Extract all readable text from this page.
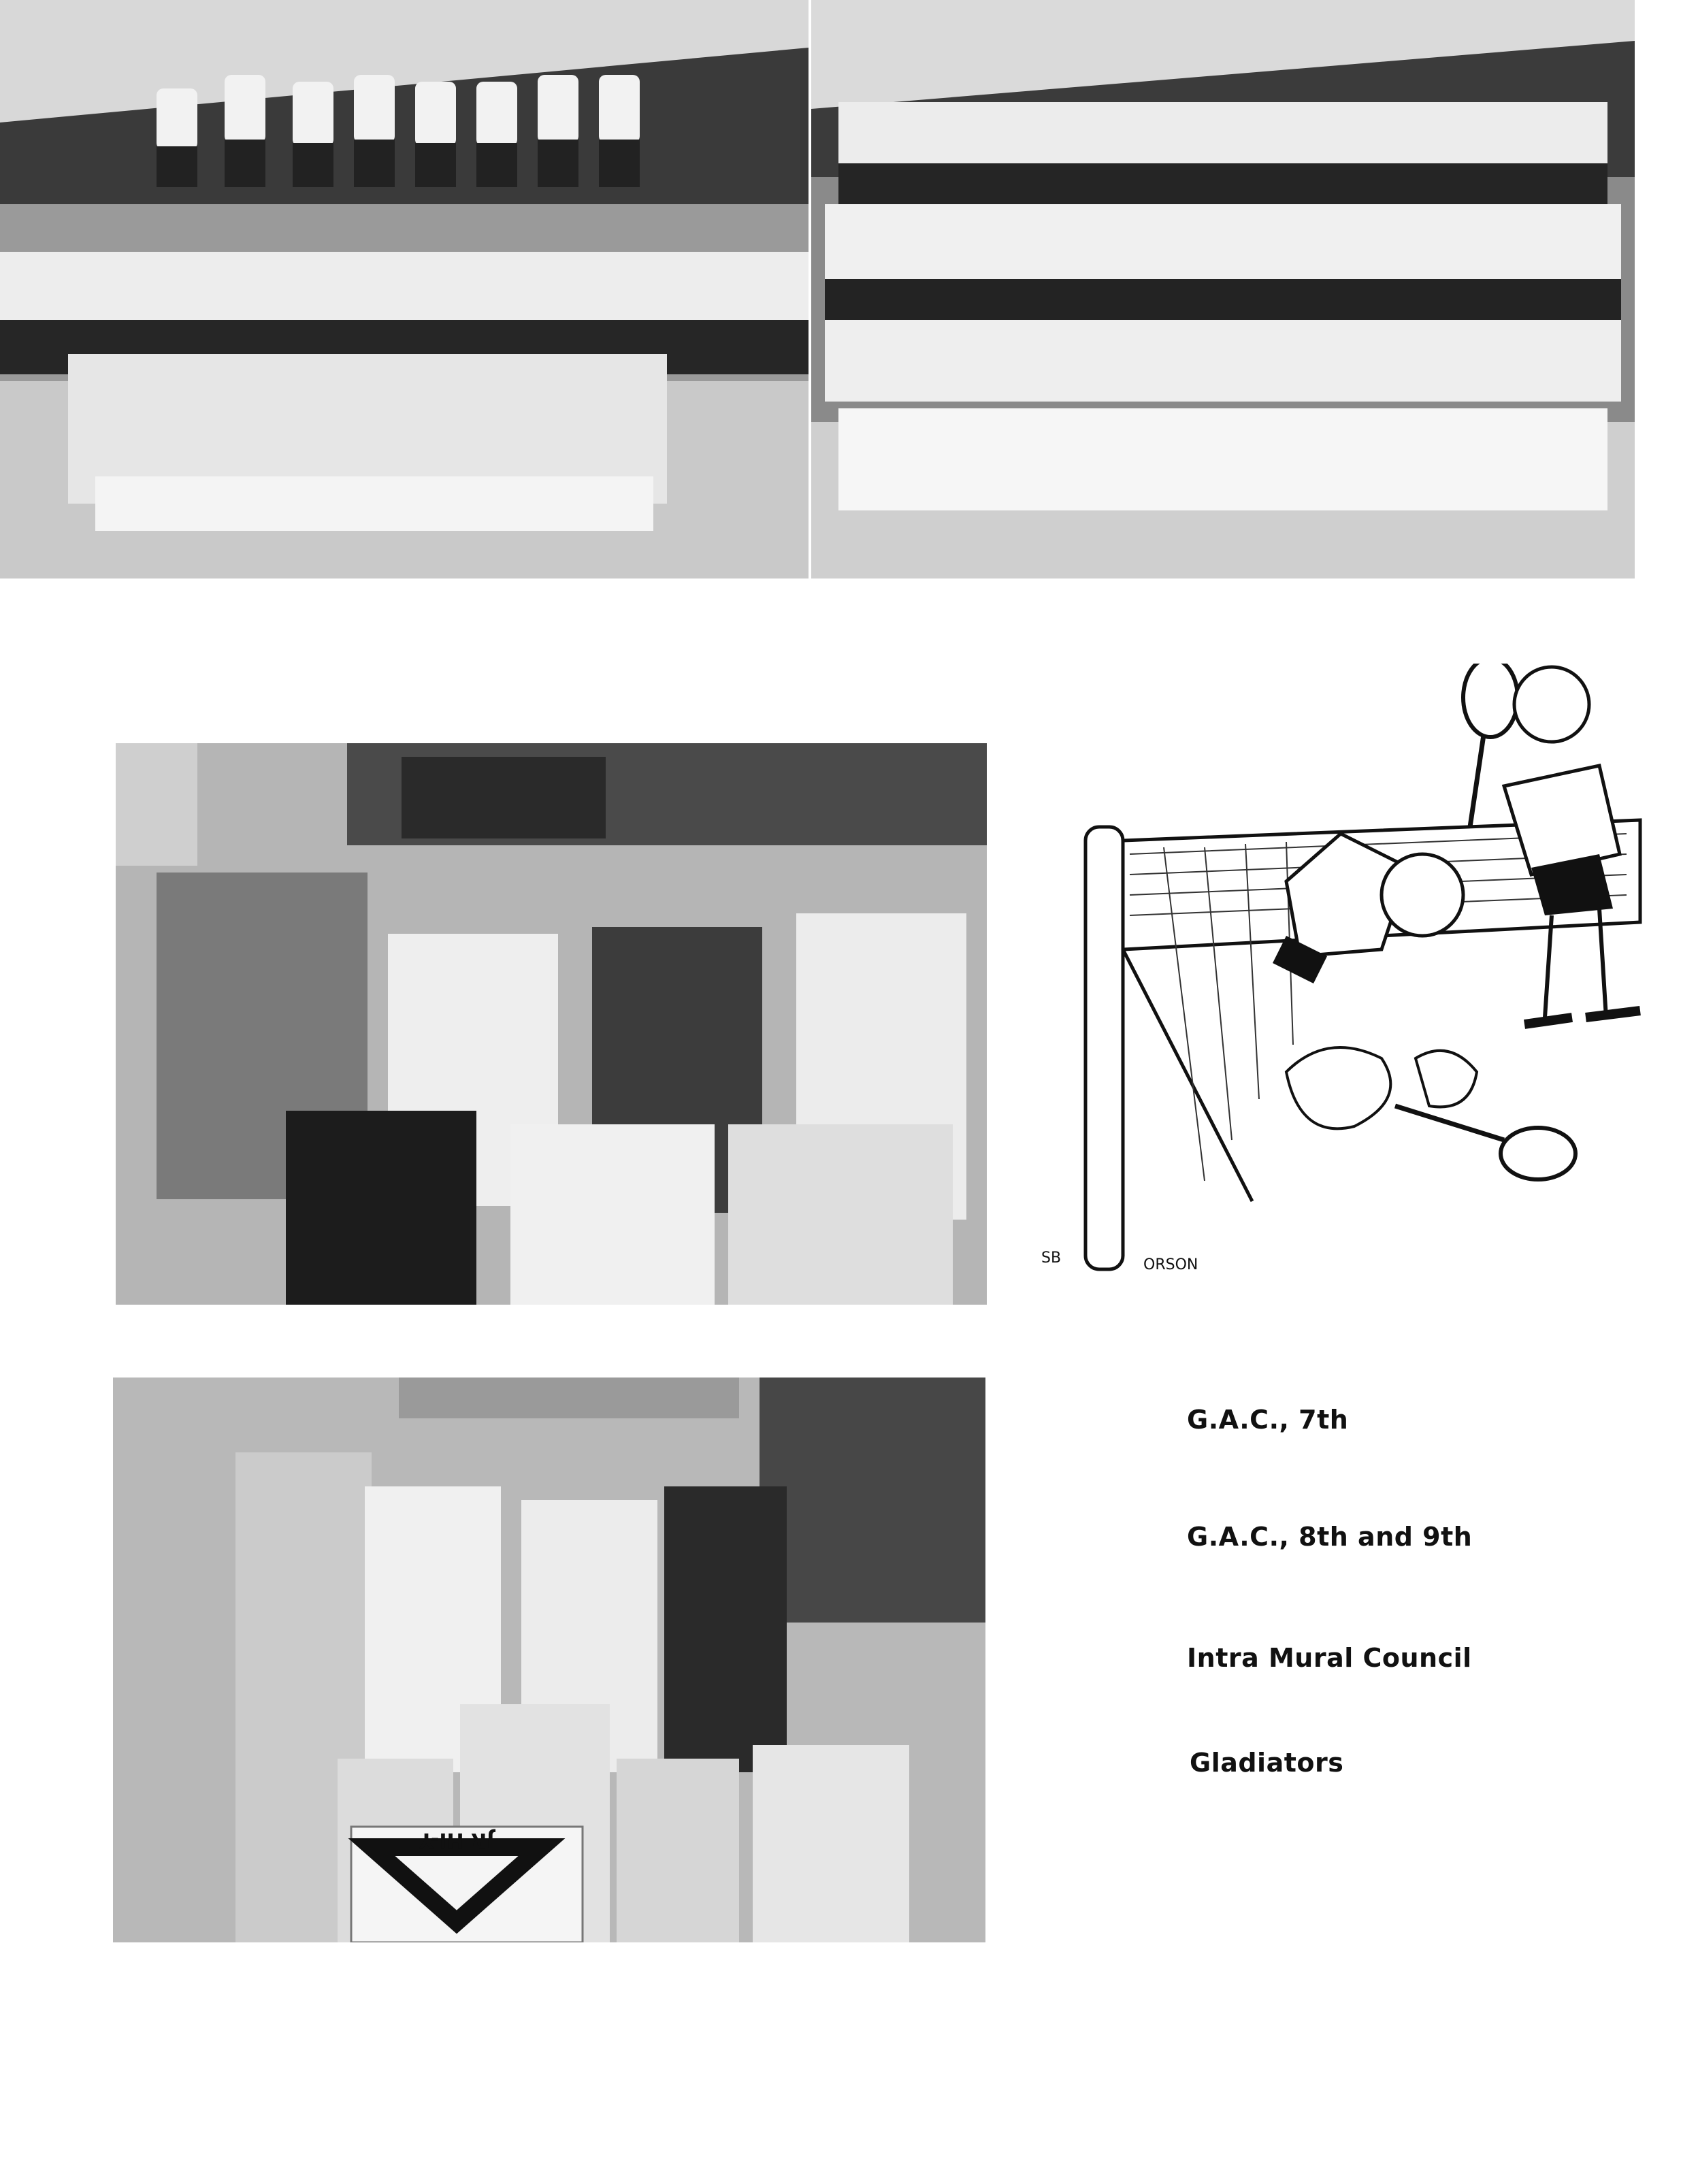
SB	ORSON
JR HI-Y
G.A.C., 7th
G.A.C., 8th and 9th
Intra Mural Council
Gladiators
